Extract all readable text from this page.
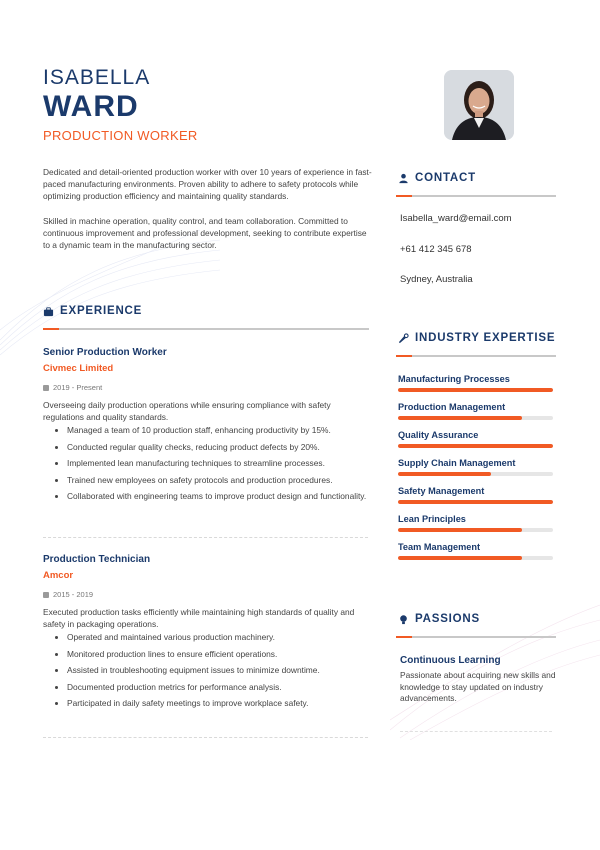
ISABELLA
WARD
PRODUCTION WORKER

Dedicated and detail-oriented production worker with over 10 years of experience in fast-paced manufacturing environments. Proven ability to adhere to safety protocols while optimizing production efficiency and maintaining quality standards.

Skilled in machine operation, quality control, and team collaboration. Committed to continuous improvement and professional development, seeking to contribute expertise to a dynamic team in the manufacturing sector.

EXPERIENCE
Senior Production Worker
Civmec Limited
2019 - Present
Overseeing daily production operations while ensuring compliance with safety regulations and quality standards.
Managed a team of 10 production staff, enhancing productivity by 15%.
Conducted regular quality checks, reducing product defects by 20%.
Implemented lean manufacturing techniques to streamline processes.
Trained new employees on safety protocols and production procedures.
Collaborated with engineering teams to improve product design and functionality.
Production Technician
Amcor
2015 - 2019
Executed production tasks efficiently while maintaining high standards of quality and safety in packaging operations.
Operated and maintained various production machinery.
Monitored production lines to ensure efficient operations.
Assisted in troubleshooting equipment issues to minimize downtime.
Documented production metrics for performance analysis.
Participated in daily safety meetings to improve workplace safety.
CONTACT
Isabella_ward@email.com
+61 412 345 678
Sydney, Australia
INDUSTRY EXPERTISE
Manufacturing Processes
Production Management
Quality Assurance
Supply Chain Management
Safety Management
Lean Principles
Team Management
PASSIONS
Continuous Learning
Passionate about acquiring new skills and knowledge to stay updated on industry advancements.
